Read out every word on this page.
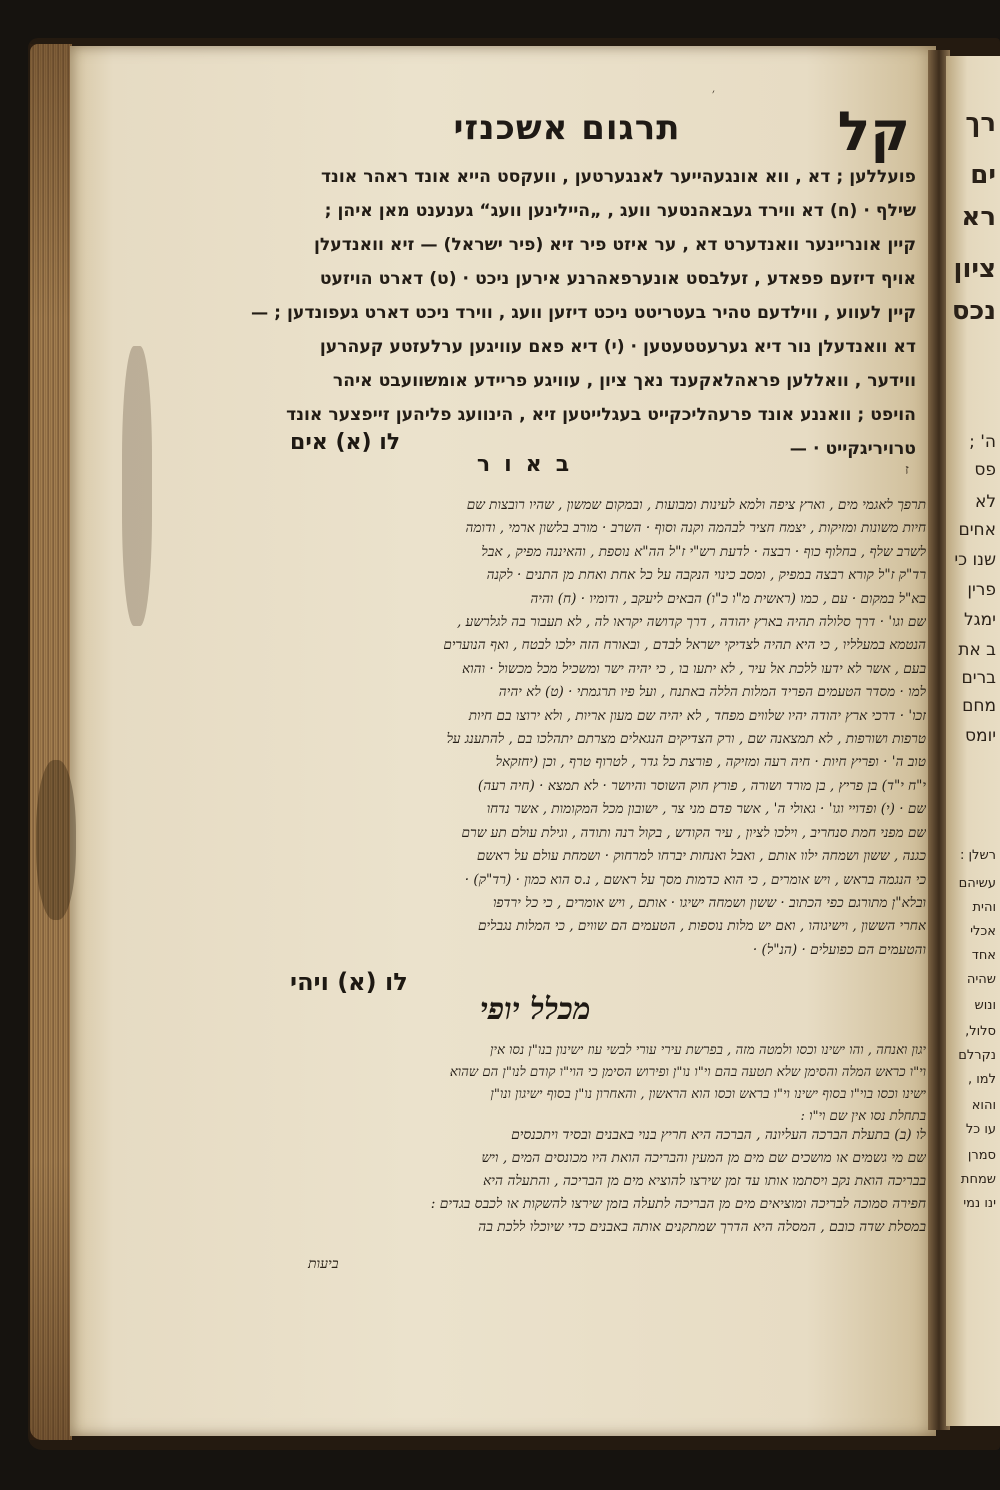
רך
ים
רא
ציון
נכס
ה' ;
פס
לא
אחים
שנו כי
פרין
ימגל
ב את
ברים
מחם
יומס
רשלן :
עשיהם
והית
אכלי
אחד
שהיה
ונוש
סלול,
נקרלם
למו ,
והוא
עו כל
סמרן
שמחת
ינו נמי
׳
תרגום אשכנזי	קל
פועללען ; דא , ווא אונגעהייער לאנגערטען , וועקסט הייא אונד ראהר אונד
שילף · (ח) דא ווירד געבאהנטער וועג , „היילינען וועג“ גענענט מאן איהן ;
קיין אונריינער וואנדערט דא , ער איזט פיר זיא (פיר ישראל) — זיא וואנדעלן
אויף דיזעם פפאדע , זעלבסט אונערפאהרנע אירען ניכט · (ט) דארט הויזעט
קיין לעווע , ווילדעם טהיר בעטריטט ניכט דיזען וועג , ווירד ניכט דארט געפונדען ; —
דא וואנדעלן נור דיא גערעטטעטען · (י) דיא פאם עוויגען ערלעזטע קעהרען
ווידער , וואללען פראהלאקענד נאך ציון , עוויגע פריידע אומשוועבט איהר
הויפט ; וואננע אונד פרעהליכקייט בעגלייטען זיא , הינוועג פליהען זייפצער אונד
טרויריגקייט · —
לו (א) אים
באור	ז
תרפך לאגמי מים , וארץ ציפה ולמא לעינות ומבועות , ובמקום שמשון , שהיו רובצות שם
חיות משונות ומזיקות , יצמח חציר לבהמה וקנה וסוף · השרב · מורב בלשון ארמי , ודומה
לשרב שלף , בחלוף כוף · רבצה · לדעת רש"י ז"ל הה"א נוספת , והאיננה מפיק , אבל
רד"ק ז"ל קורא רבצה במפיק , ומסב כינוי הנקבה על כל אחת ואחת מן התנים · לקנה
בא"ל במקום · עם , כמו (ראשית מ"ו כ"ו) הבאים ליעקב , ודומיו · (ח) והיה
שם וגו' · דרך סלולה תהיה בארץ יהודה , דרך קדושה יקראו לה , לא תעבור בה לגלרשע ,
הנטמא במעלליו , כי היא תהיה לצדיקי ישראל לבדם , ובאורח הזה ילכו לבטח , ואף הנוערים
בעם , אשר לא ידעו ללכת אל עיר , לא יתעו בו , כי יהיה ישר ומשכיל מכל מכשול · והוא
למו · מסדר הטעמים הפריד המלות הללה באתנח , ועל פיו תרגמתי · (ט) לא יהיה
זכו' · דרכי ארץ יהודה יהיו שלווים מפחד , לא יהיה שם מעון אריות , ולא ירוצו בם חיות
טרפות ושורפות , לא תמצאנה שם , ורק הצדיקים הנגאלים מצרתם יתהלכו בם , להתענג על
טוב ה' · ופריץ חיות · חיה רעה ומזיקה , פורצת כל גדר , לטרוף טרף , וכן (יחזקאל
י"ח י"ד) בן פריץ , בן מורד ושורה , פורץ חוק השוסר והיושר · לא תמצא · (חיה רעה)
שם · (י) ופדויי וגו' · גאולי ה' , אשר פדם מני צר , ישובון מכל המקומות , אשר נדחו
שם מפני חמת סנחריב , וילכו לציון , עיר הקודש , בקול רנה ותודה , וגילת עולם תע שרם
כגנה , ששון ושמחה ילוו אותם , ואבל ואנחות יברחו למרחוק · ושמחת עולם על ראשם
כי הנגמה בראש , ויש אומרים , כי הוא כדמות מסך על ראשם , נ.ס הוא כמון · (רד"ק) ·
ובלא"ן מתורגם כפי הכתוב · ששון ושמחה ישיגו · אותם , ויש אומרים , כי כל ירדפו
אחרי הששון , וישיגוהו , ואם יש מלות נוספות , הטעמים הם שווים , כי המלות נגבלים
והטעמים הם כפועלים · (הנ"ל) ·
לו (א) ויהי
מכלל יופי
יגון ואנחה , והו ישינו וכסו ולמטה מזה , בפרשת עירי עורי לבשי עוז ישינון בנו"ן נסו אין
וי"ו כראש המלה והסימן שלא תטעה בהם וי"ו נו"ן ופירוש הסימן כי הוי"ו קודם לנו"ן הם שהוא
ישינו וכסו בוי"ו בסוף ישינו וי"ו בראש וכסו הוא הראשון , והאחרון נו"ן בסוף ישיגון ונו"ן
בתחלת נסו אין שם וי"ו :
לו (ב) בתעלת הברכה העליונה , הברכה היא חריץ בנוי באבנים ובסיד ויתכנסים
שם מי גשמים או מושכים שם מים מן המעין והבריכה הואת היו מכונסים המים , ויש
בבריכה הואת נקב ויסתמו אותו עד זמן שירצו להוציא מים מן הבריכה , והתעלה היא
חפירה סמוכה לבריכה ומוציאים מים מן הבריכה לתעלה בזמן שירצו להשקות או לכבס בגדים :
במסלת שדה כובם , המסלה היא הדרך שמתקנים אותה באבנים כדי שיוכלו ללכת בה
ביעות
